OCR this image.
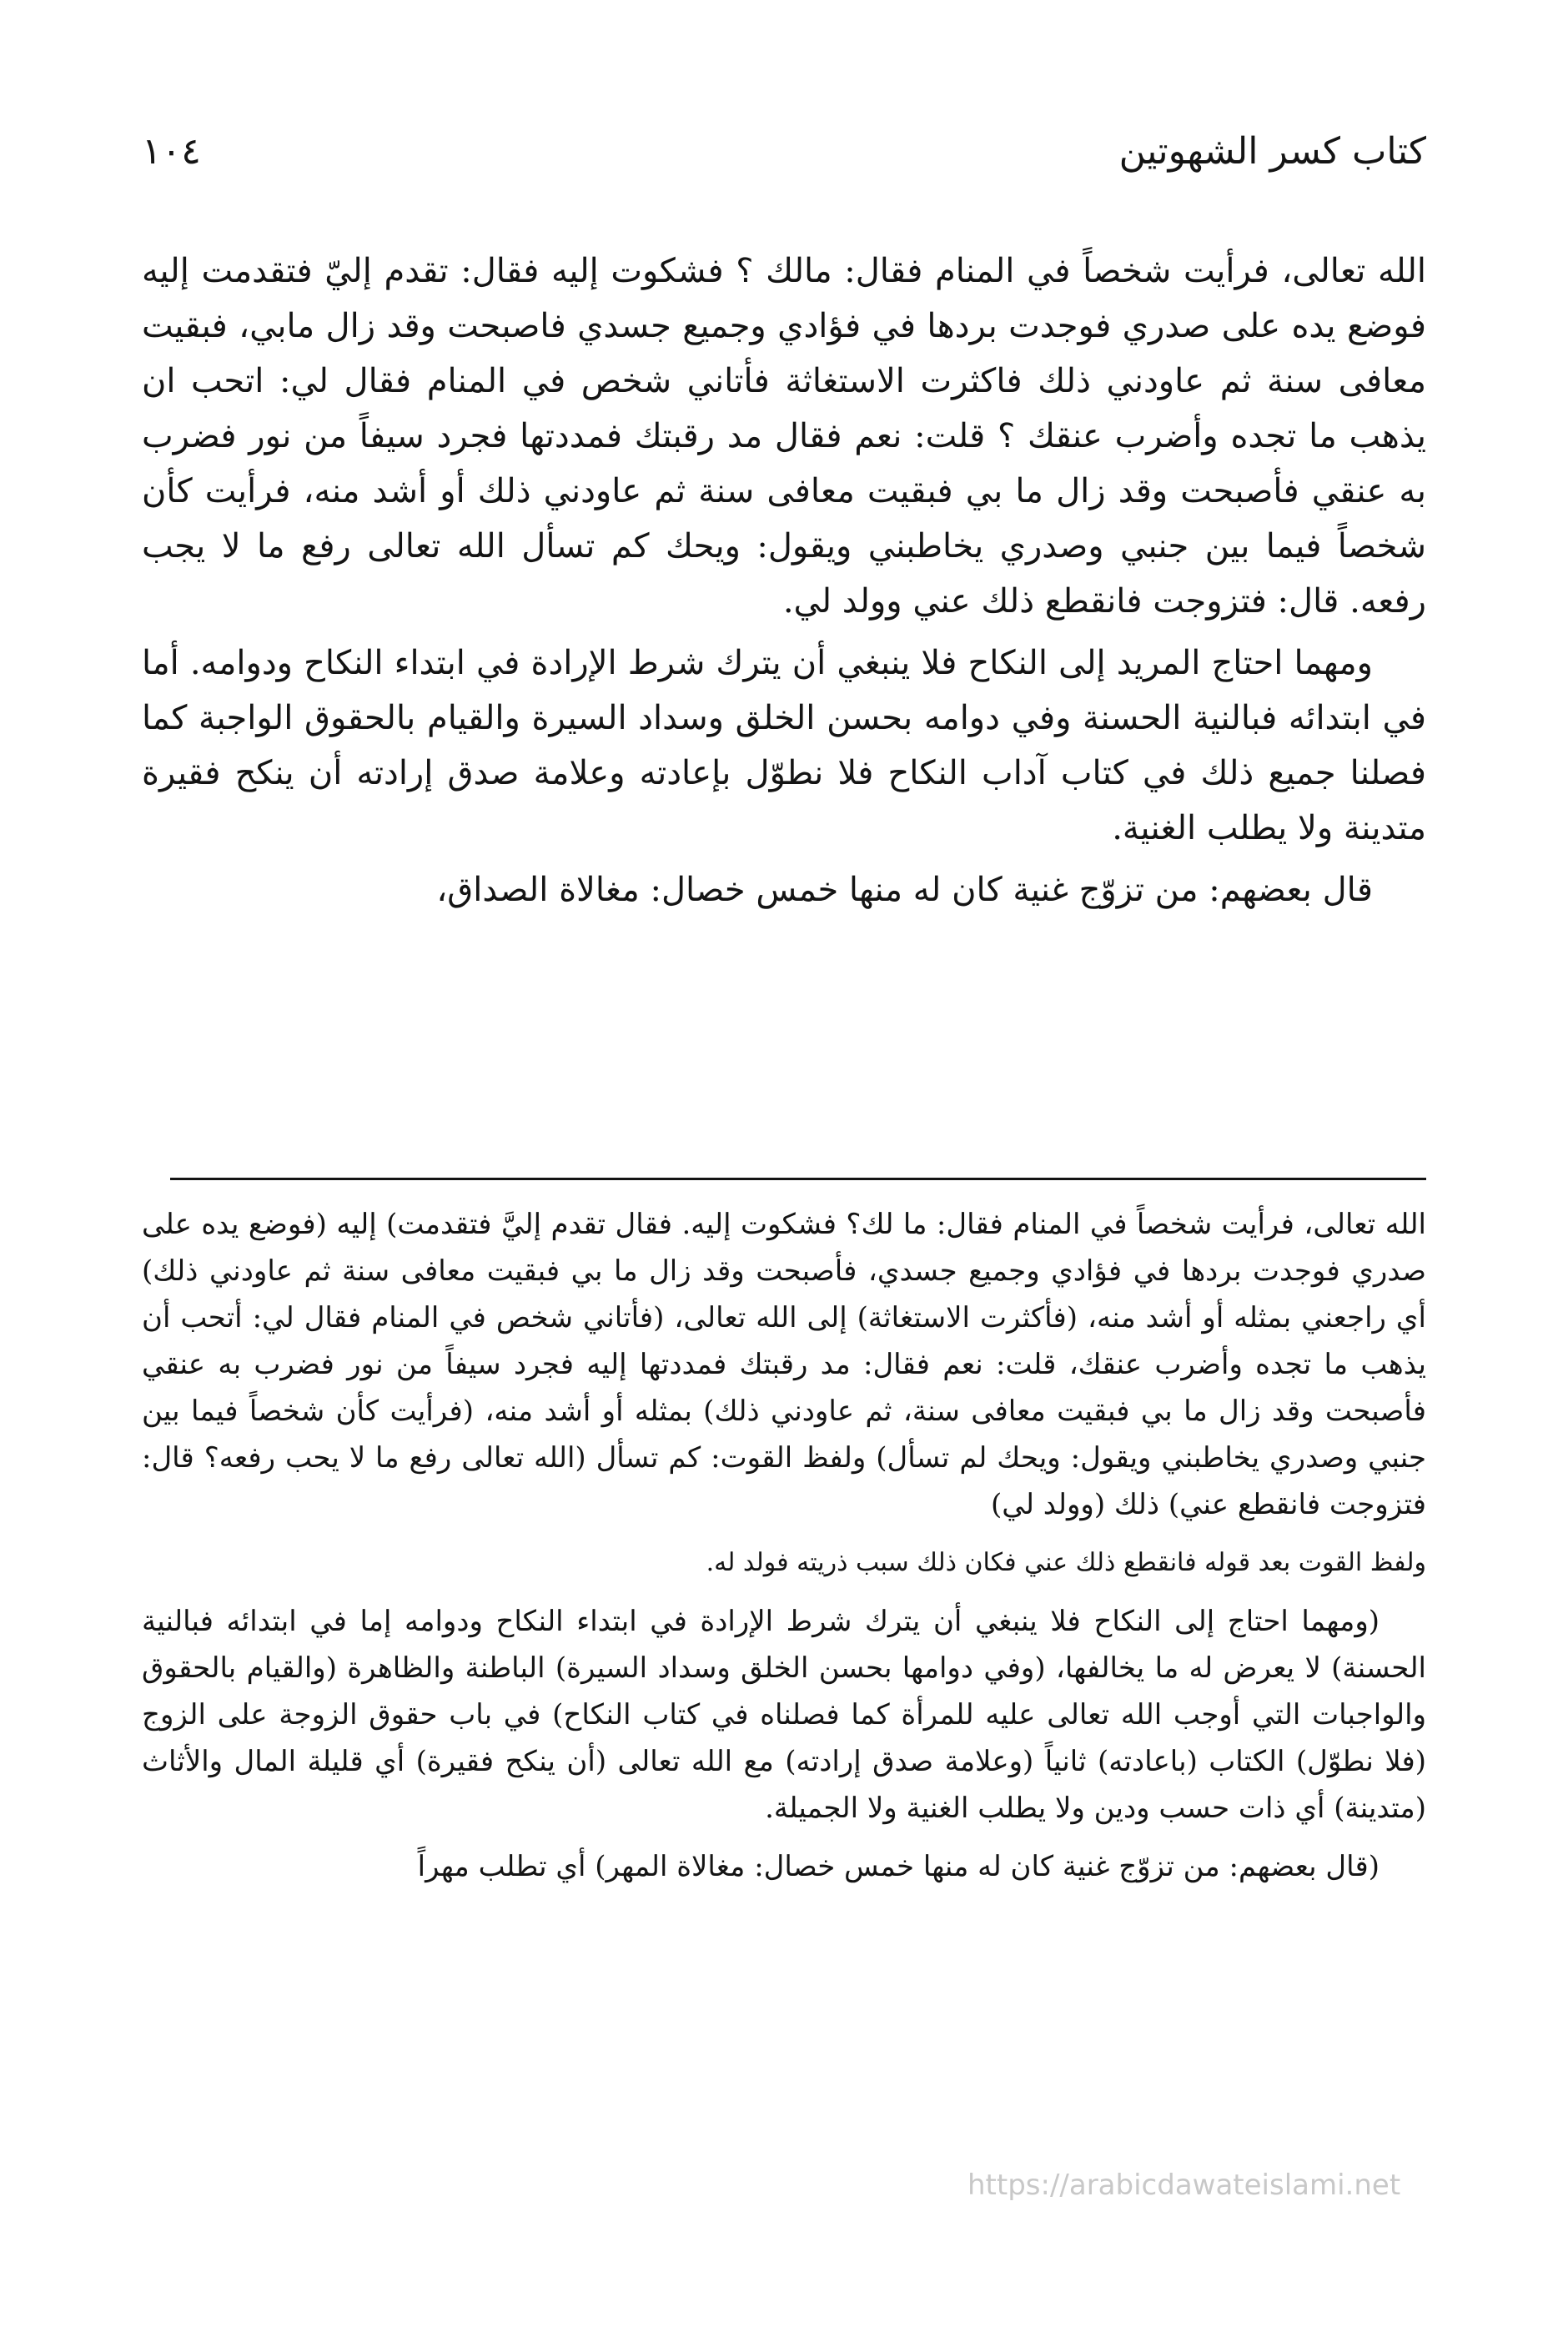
كتاب كسر الشهوتين
١٠٤

الله تعالى، فرأيت شخصاً في المنام فقال: مالك ؟ فشكوت إليه فقال: تقدم إليّ فتقدمت إليه فوضع يده على صدري فوجدت بردها في فؤادي وجميع جسدي فاصبحت وقد زال مابي، فبقيت معافى سنة ثم عاودني ذلك فاكثرت الاستغاثة فأتاني شخص في المنام فقال لي: اتحب ان يذهب ما تجده وأضرب عنقك ؟ قلت: نعم فقال مد رقبتك فمددتها فجرد سيفاً من نور فضرب به عنقي فأصبحت وقد زال ما بي فبقيت معافى سنة ثم عاودني ذلك أو أشد منه، فرأيت كأن شخصاً فيما بين جنبي وصدري يخاطبني ويقول: ويحك كم تسأل الله تعالى رفع ما لا يجب رفعه. قال: فتزوجت فانقطع ذلك عني وولد لي.

ومهما احتاج المريد إلى النكاح فلا ينبغي أن يترك شرط الإرادة في ابتداء النكاح ودوامه. أما في ابتدائه فبالنية الحسنة وفي دوامه بحسن الخلق وسداد السيرة والقيام بالحقوق الواجبة كما فصلنا جميع ذلك في كتاب آداب النكاح فلا نطوّل بإعادته وعلامة صدق إرادته أن ينكح فقيرة متدينة ولا يطلب الغنية.

قال بعضهم: من تزوّج غنية كان له منها خمس خصال: مغالاة الصداق،

الله تعالى، فرأيت شخصاً في المنام فقال: ما لك؟ فشكوت إليه. فقال تقدم إليَّ فتقدمت) إليه (فوضع يده على صدري فوجدت بردها في فؤادي وجميع جسدي، فأصبحت وقد زال ما بي فبقيت معافى سنة ثم عاودني ذلك) أي راجعني بمثله أو أشد منه، (فأكثرت الاستغاثة) إلى الله تعالى، (فأتاني شخص في المنام فقال لي: أتحب أن يذهب ما تجده وأضرب عنقك، قلت: نعم فقال: مد رقبتك فمددتها إليه فجرد سيفاً من نور فضرب به عنقي فأصبحت وقد زال ما بي فبقيت معافى سنة، ثم عاودني ذلك) بمثله أو أشد منه، (فرأيت كأن شخصاً فيما بين جنبي وصدري يخاطبني ويقول: ويحك لم تسأل) ولفظ القوت: كم تسأل (الله تعالى رفع ما لا يحب رفعه؟ قال: فتزوجت فانقطع عني) ذلك (وولد لي)

ولفظ القوت بعد قوله فانقطع ذلك عني فكان ذلك سبب ذريته فولد له.

(ومهما احتاج إلى النكاح فلا ينبغي أن يترك شرط الإرادة في ابتداء النكاح ودوامه إما في ابتدائه فبالنية الحسنة) لا يعرض له ما يخالفها، (وفي دوامها بحسن الخلق وسداد السيرة) الباطنة والظاهرة (والقيام بالحقوق والواجبات التي أوجب الله تعالى عليه للمرأة كما فصلناه في كتاب النكاح) في باب حقوق الزوجة على الزوج (فلا نطوّل) الكتاب (باعادته) ثانياً (وعلامة صدق إرادته) مع الله تعالى (أن ينكح فقيرة) أي قليلة المال والأثاث (متدينة) أي ذات حسب ودين ولا يطلب الغنية ولا الجميلة.

(قال بعضهم: من تزوّج غنية كان له منها خمس خصال: مغالاة المهر) أي تطلب مهراً

https://arabicdawateislami.net
